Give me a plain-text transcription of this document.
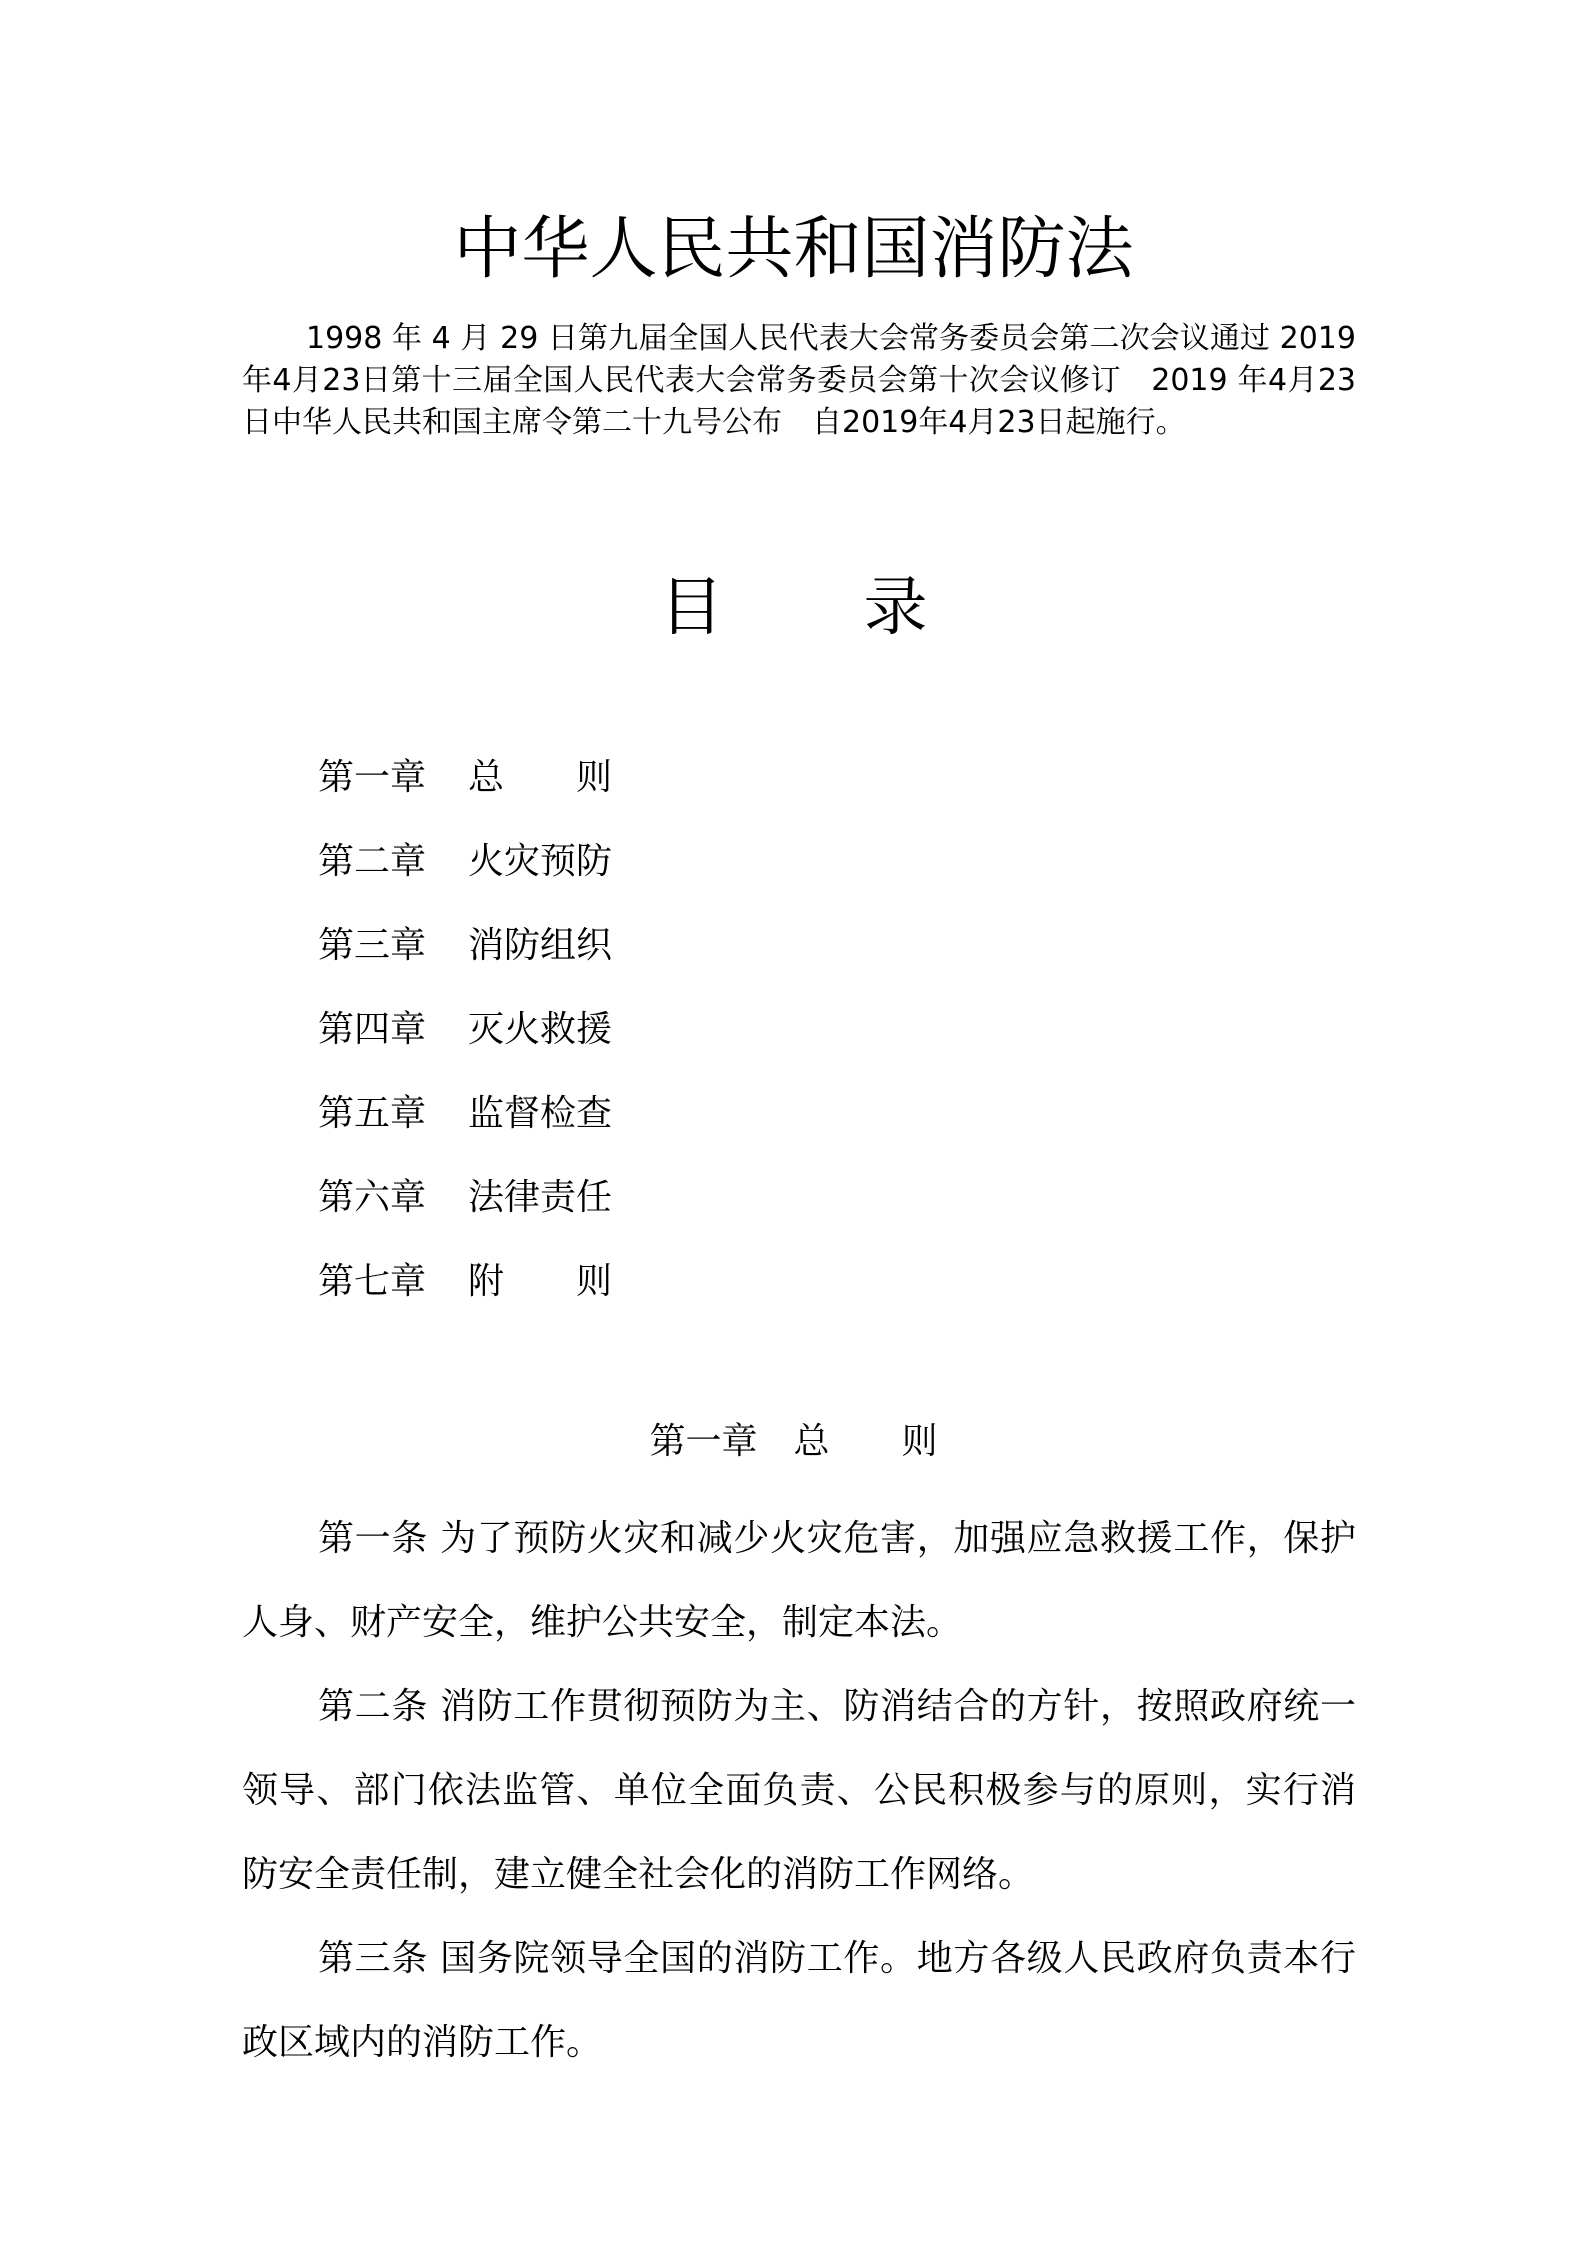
中华人民共和国消防法
1998 年 4 月 29 日第九届全国人民代表大会常务委员会第二次会议通过 2019年4月23日第十三届全国人民代表大会常务委员会第十次会议修订　2019 年4月23日中华人民共和国主席令第二十九号公布　自2019年4月23日起施行。
目录
第一章 总　　则
第二章 火灾预防
第三章 消防组织
第四章 灭火救援
第五章 监督检查
第六章 法律责任
第七章 附　　则
第一章　总　　则

第一条 为了预防火灾和减少火灾危害，加强应急救援工作，保护人身、财产安全，维护公共安全，制定本法。

第二条 消防工作贯彻预防为主、防消结合的方针，按照政府统一领导、部门依法监管、单位全面负责、公民积极参与的原则，实行消防安全责任制，建立健全社会化的消防工作网络。

第三条 国务院领导全国的消防工作。地方各级人民政府负责本行政区域内的消防工作。
